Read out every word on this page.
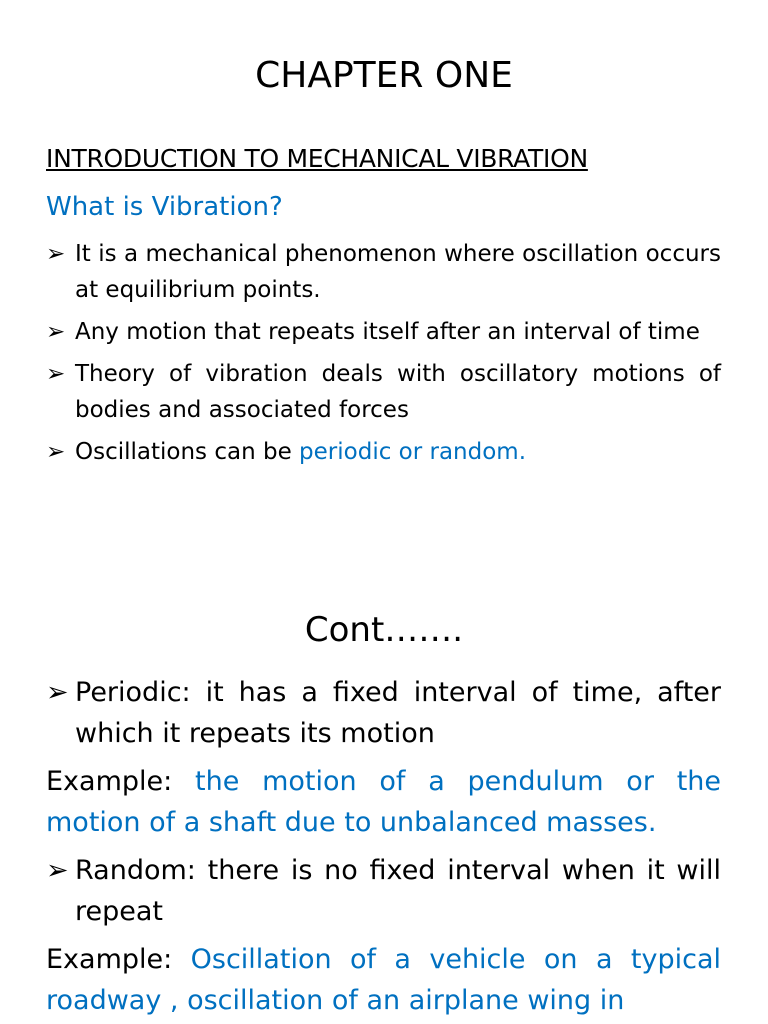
CHAPTER ONE
INTRODUCTION TO MECHANICAL VIBRATION
What is Vibration?
➢ It is a mechanical phenomenon where oscillation occurs at equilibrium points.
➢ Any motion that repeats itself after an interval of time
➢ Theory of vibration deals with oscillatory motions of bodies and associated forces
➢ Oscillations can be periodic or random.
Cont…….
➢ Periodic: it has a fixed interval of time, after which it repeats its motion
Example: the motion of a pendulum or the motion of a shaft due to unbalanced masses.
➢ Random: there is no fixed interval when it will repeat
Example: Oscillation of a vehicle on a typical roadway , oscillation of an airplane wing in
